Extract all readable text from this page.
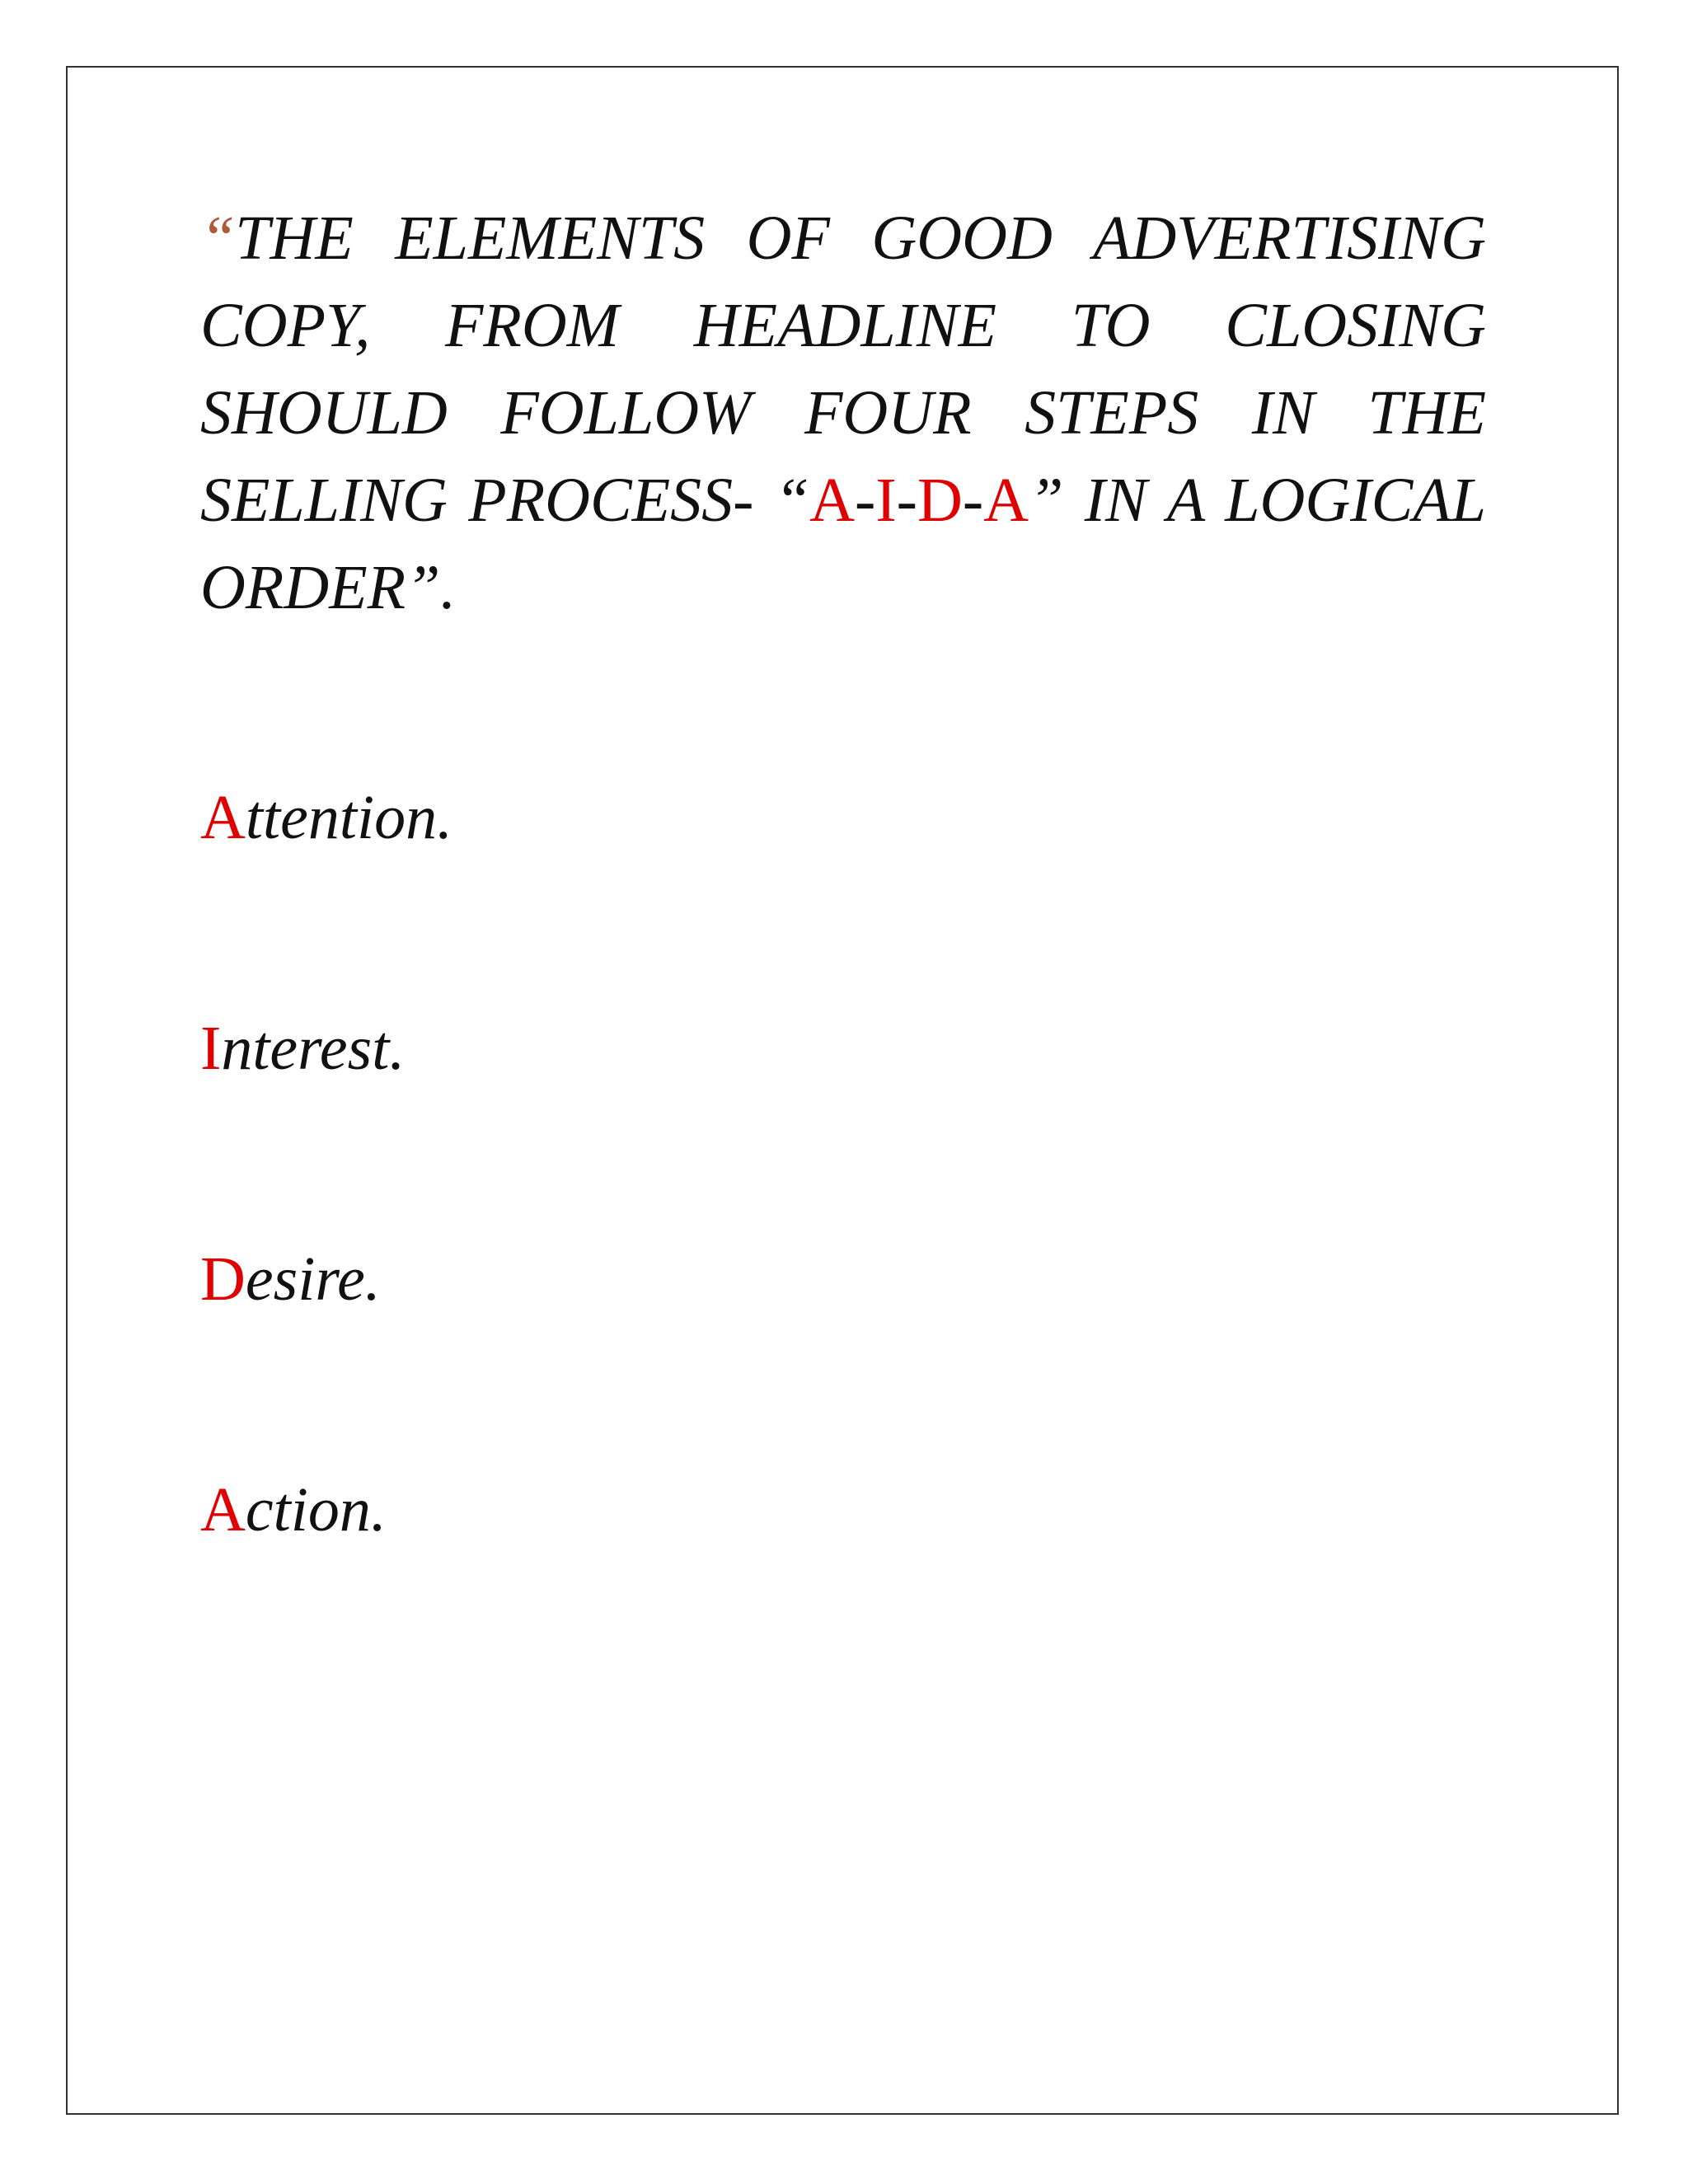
“THE ELEMENTS OF GOOD ADVERTISING COPY, FROM HEADLINE TO CLOSING SHOULD FOLLOW FOUR STEPS IN THE SELLING PROCESS- “A-I-D-A” IN A LOGICAL ORDER”.

Attention.
Interest.
Desire.
Action.
